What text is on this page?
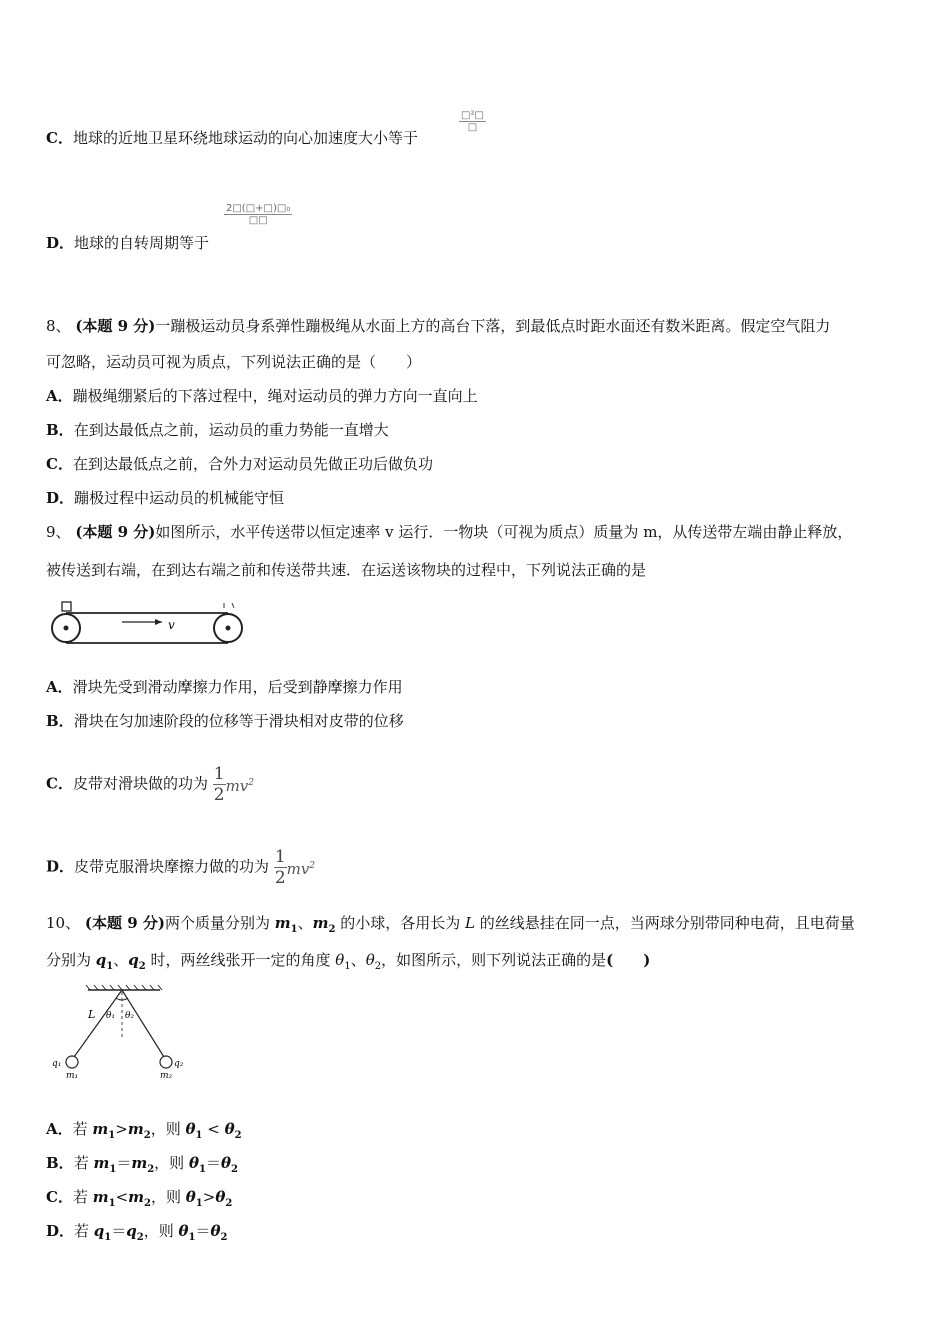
C．地球的近地卫星环绕地球运动的向心加速度大小等于
□²□
□
D．地球的自转周期等于
2□(□+□)□₀
□□
8、 (本题 9 分)一蹦极运动员身系弹性蹦极绳从水面上方的高台下落，到最低点时距水面还有数米距离。假定空气阻力
可忽略，运动员可视为质点，下列说法正确的是（　　）
A．蹦极绳绷紧后的下落过程中，绳对运动员的弹力方向一直向上
B．在到达最低点之前，运动员的重力势能一直增大
C．在到达最低点之前，合外力对运动员先做正功后做负功
D．蹦极过程中运动员的机械能守恒
9、 (本题 9 分)如图所示，水平传送带以恒定速率 v 运行．一物块（可视为质点）质量为 m，从传送带左端由静止释放，
被传送到右端，在到达右端之前和传送带共速．在运送该物块的过程中，下列说法正确的是
v
A．滑块先受到滑动摩擦力作用，后受到静摩擦力作用
B．滑块在匀加速阶段的位移等于滑块相对皮带的位移
C．皮带对滑块做的功为 $\frac{1}{2} mv^2$
D．皮带克服滑块摩擦力做的功为 $\frac{1}{2} mv^2$
10、 (本题 9 分)两个质量分别为 $m_1$、$m_2$ 的小球，各用长为 L 的丝线悬挂在同一点，当两球分别带同种电荷，且电荷量
分别为 $q_1$、$q_2$ 时，两丝线张开一定的角度 $\theta_1$、$\theta_2$，如图所示，则下列说法正确的是(　　)
L θ₁ θ₂
q₁	q₂
m₁	m₂
A．若 $m_1>m_2$，则 $\theta_1 < \theta_2$
B．若 $m_1=m_2$，则 $\theta_1=\theta_2$
C．若 $m_1<m_2$，则 $\theta_1>\theta_2$
D．若 $q_1=q_2$，则 $\theta_1=\theta_2$
